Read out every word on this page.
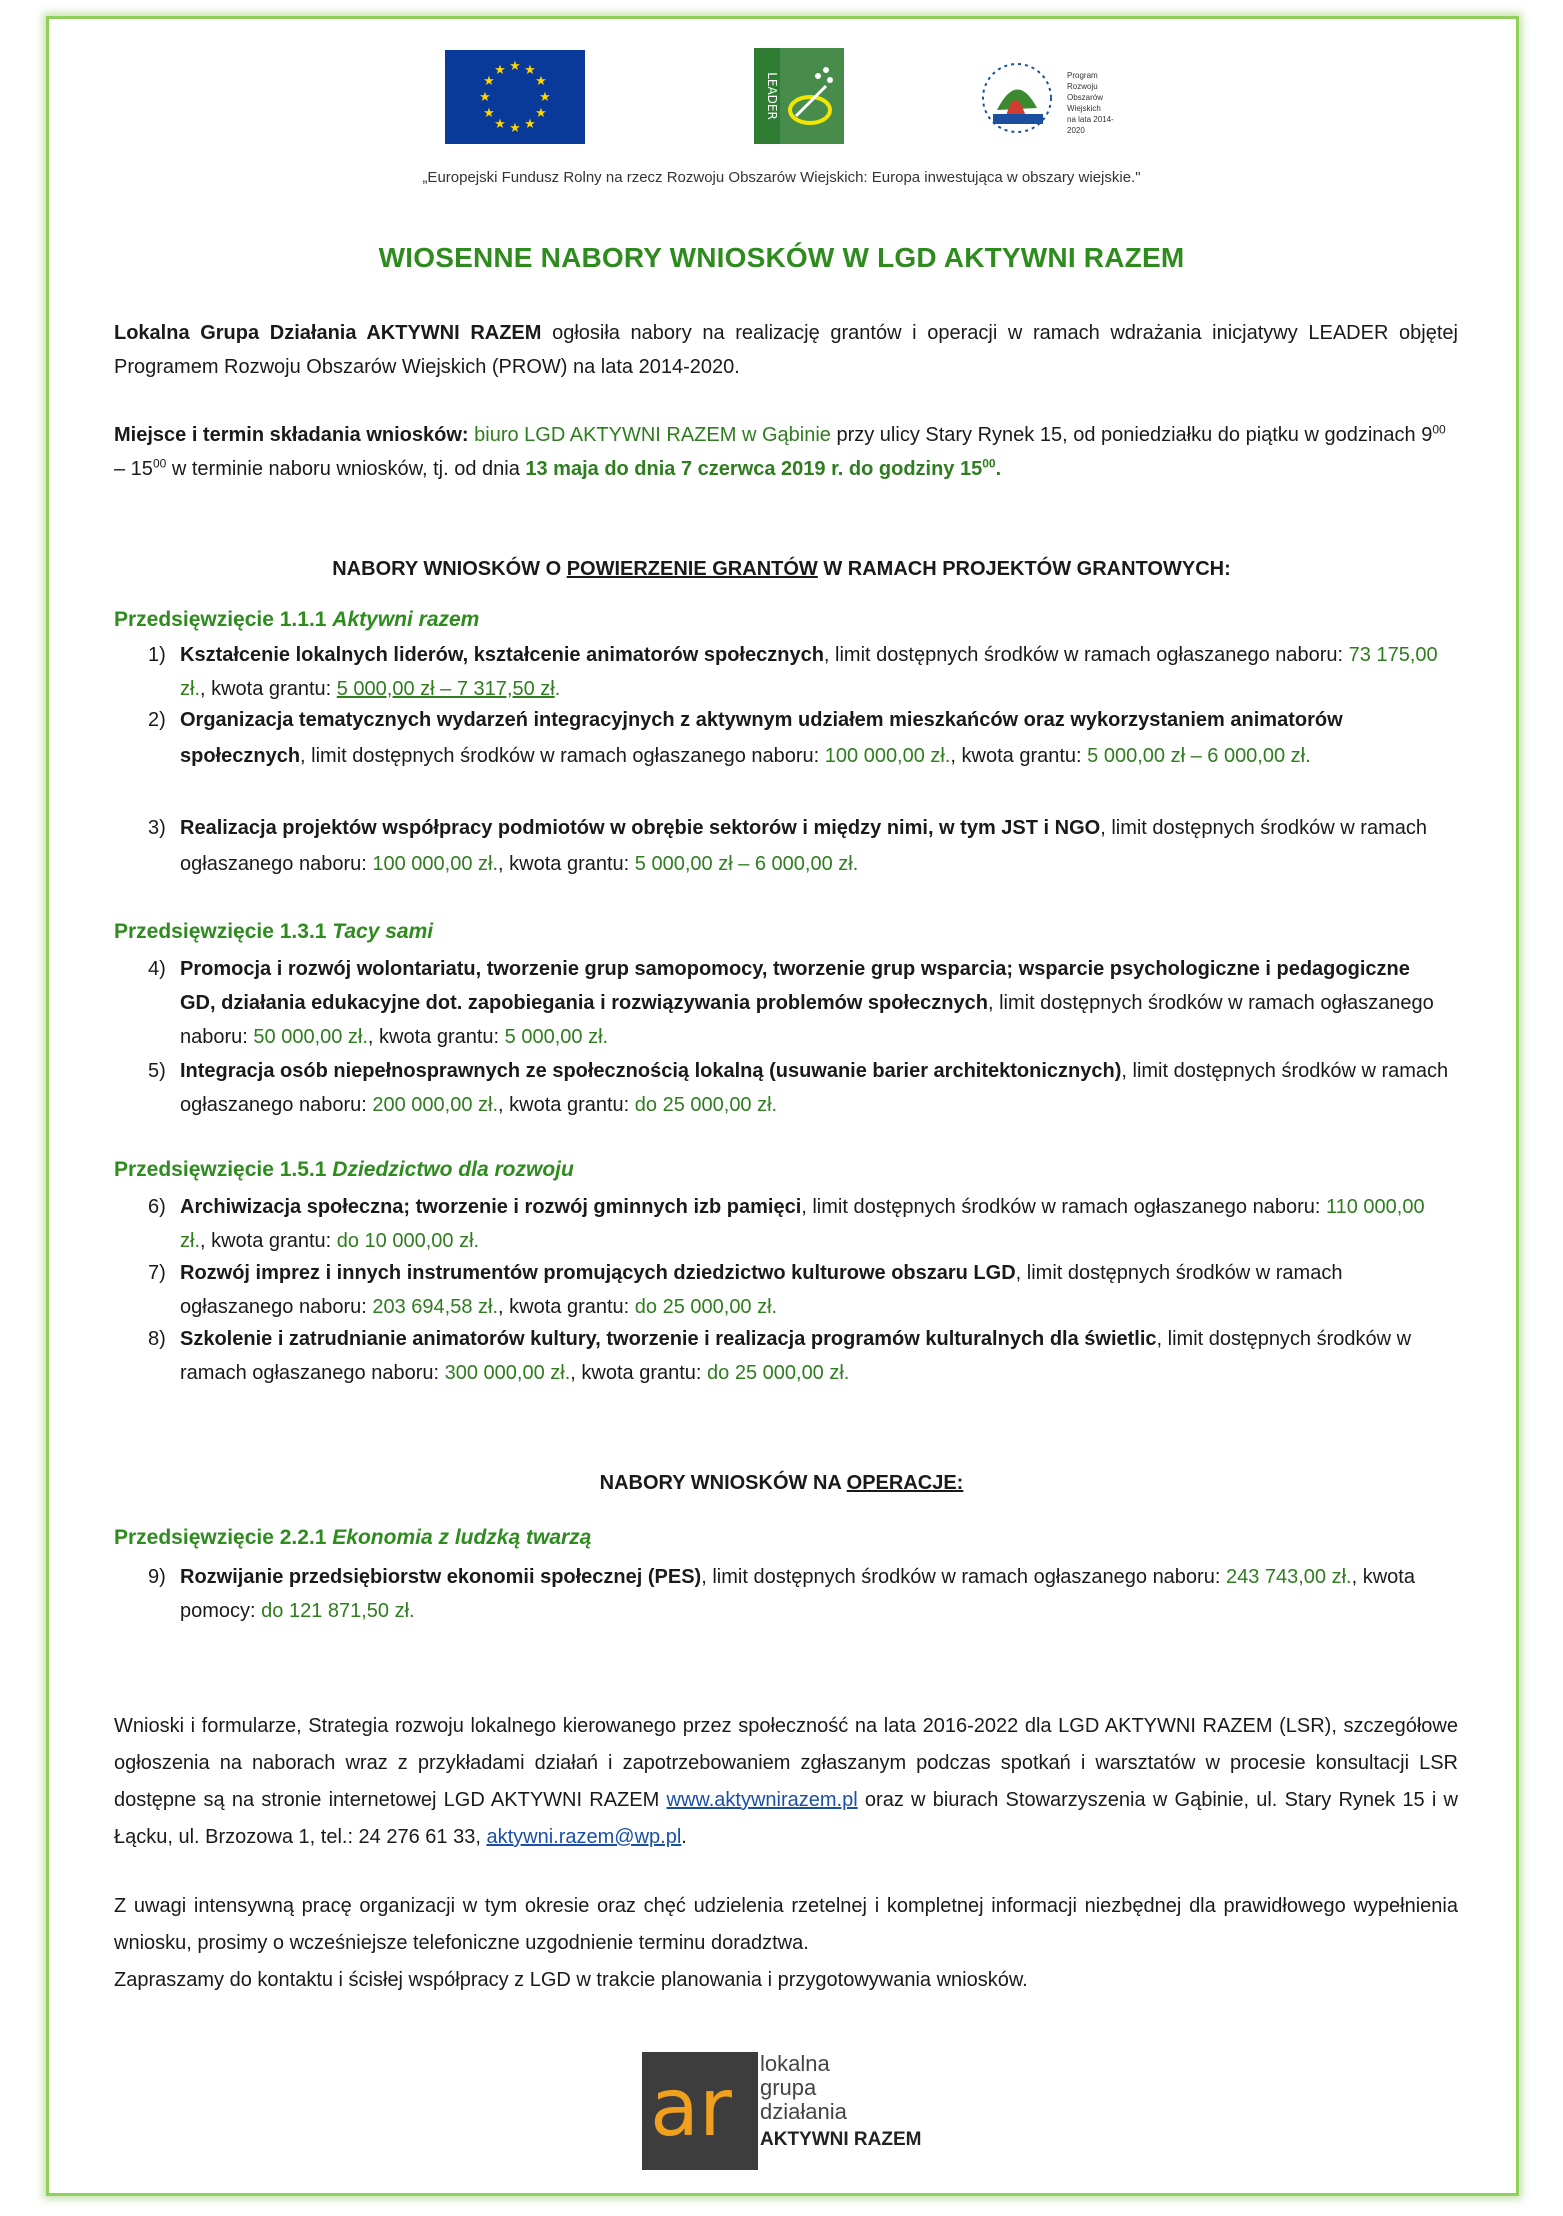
★ ★
★
★
★
★
★
★
★
★
★
★
LEADER	Program
Rozwoju
Obszarów
Wiejskich
na lata 2014-2020
„Europejski Fundusz Rolny na rzecz Rozwoju Obszarów Wiejskich: Europa inwestująca w obszary wiejskie."
WIOSENNE NABORY WNIOSKÓW W LGD AKTYWNI RAZEM
Lokalna Grupa Działania AKTYWNI RAZEM ogłosiła nabory na realizację grantów i operacji w ramach wdrażania inicjatywy LEADER objętej Programem Rozwoju Obszarów Wiejskich (PROW) na lata 2014-2020.
Miejsce i termin składania wniosków: biuro LGD AKTYWNI RAZEM w Gąbinie przy ulicy Stary Rynek 15, od poniedziałku do piątku w godzinach $9^{00} - 15^{00}$ w terminie naboru wniosków, tj. od dnia 13 maja do dnia 7 czerwca 2019 r. do godziny $15^{00}$.
NABORY WNIOSKÓW O POWIERZENIE GRANTÓW W RAMACH PROJEKTÓW GRANTOWYCH:
Przedsięwzięcie 1.1.1 Aktywni razem
1) Kształcenie lokalnych liderów, kształcenie animatorów społecznych, limit dostępnych środków w ramach ogłaszanego naboru: 73 175,00 zł., kwota grantu: 5 000,00 zł – 7 317,50 zł.
2) Organizacja tematycznych wydarzeń integracyjnych z aktywnym udziałem mieszkańców oraz wykorzystaniem animatorów społecznych, limit dostępnych środków w ramach ogłaszanego naboru: 100 000,00 zł., kwota grantu: 5 000,00 zł – 6 000,00 zł.
3) Realizacja projektów współpracy podmiotów w obrębie sektorów i między nimi, w tym JST i NGO, limit dostępnych środków w ramach ogłaszanego naboru: 100 000,00 zł., kwota grantu: 5 000,00 zł – 6 000,00 zł.
Przedsięwzięcie 1.3.1 Tacy sami
4) Promocja i rozwój wolontariatu, tworzenie grup samopomocy, tworzenie grup wsparcia; wsparcie psychologiczne i pedagogiczne GD, działania edukacyjne dot. zapobiegania i rozwiązywania problemów społecznych, limit dostępnych środków w ramach ogłaszanego naboru: 50 000,00 zł., kwota grantu: 5 000,00 zł.
5) Integracja osób niepełnosprawnych ze społecznością lokalną (usuwanie barier architektonicznych), limit dostępnych środków w ramach ogłaszanego naboru: 200 000,00 zł., kwota grantu: do 25 000,00 zł.
Przedsięwzięcie 1.5.1 Dziedzictwo dla rozwoju
6) Archiwizacja społeczna; tworzenie i rozwój gminnych izb pamięci, limit dostępnych środków w ramach ogłaszanego naboru: 110 000,00 zł., kwota grantu: do 10 000,00 zł.
7) Rozwój imprez i innych instrumentów promujących dziedzictwo kulturowe obszaru LGD, limit dostępnych środków w ramach ogłaszanego naboru: 203 694,58 zł., kwota grantu: do 25 000,00 zł.
8) Szkolenie i zatrudnianie animatorów kultury, tworzenie i realizacja programów kulturalnych dla świetlic, limit dostępnych środków w ramach ogłaszanego naboru: 300 000,00 zł., kwota grantu: do 25 000,00 zł.
NABORY WNIOSKÓW NA OPERACJE:
Przedsięwzięcie 2.2.1 Ekonomia z ludzką twarzą
9) Rozwijanie przedsiębiorstw ekonomii społecznej (PES), limit dostępnych środków w ramach ogłaszanego naboru: 243 743,00 zł., kwota pomocy: do 121 871,50 zł.
Wnioski i formularze, Strategia rozwoju lokalnego kierowanego przez społeczność na lata 2016-2022 dla LGD AKTYWNI RAZEM (LSR), szczegółowe ogłoszenia na naborach wraz z przykładami działań i zapotrzebowaniem zgłaszanym podczas spotkań i warsztatów w procesie konsultacji LSR dostępne są na stronie internetowej LGD AKTYWNI RAZEM www.aktywnirazem.pl oraz w biurach Stowarzyszenia w Gąbinie, ul. Stary Rynek 15 i w Łącku, ul. Brzozowa 1, tel.: 24 276 61 33, aktywni.razem@wp.pl.
Z uwagi intensywną pracę organizacji w tym okresie oraz chęć udzielenia rzetelnej i kompletnej informacji niezbędnej dla prawidłowego wypełnienia wniosku, prosimy o wcześniejsze telefoniczne uzgodnienie terminu doradztwa.
Zapraszamy do kontaktu i ścisłej współpracy z LGD w trakcie planowania i przygotowywania wniosków.
ar lokalna
grupa
działania
AKTYWNI RAZEM
